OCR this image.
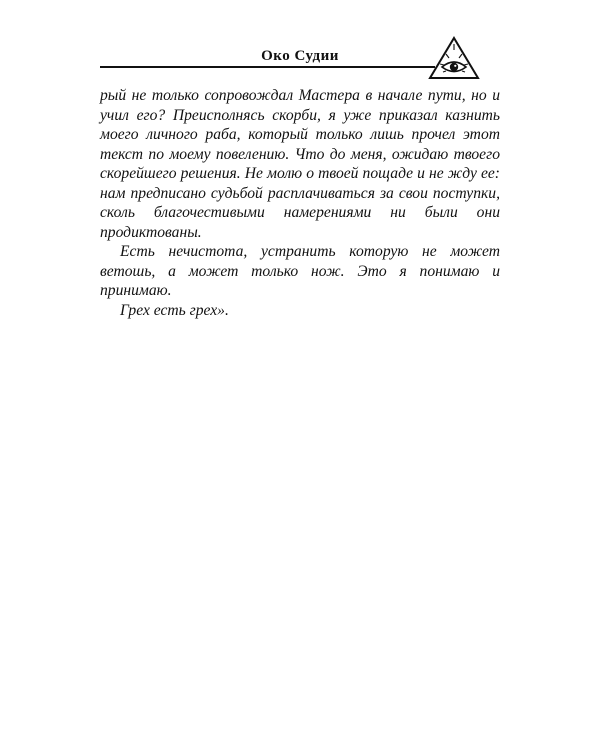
Око Судии

рый не только сопровождал Мастера в начале пути, но и учил его? Преисполнясь скорби, я уже приказал казнить моего личного раба, который только лишь прочел этот текст по моему повелению. Что до меня, ожидаю твоего скорейшего решения. Не молю о твоей пощаде и не жду ее: нам предписано судьбой расплачиваться за свои поступки, сколь благочестивыми намерениями ни были они продиктованы.

Есть нечистота, устранить которую не может ветошь, а может только нож. Это я понимаю и принимаю.

Грех есть грех».
